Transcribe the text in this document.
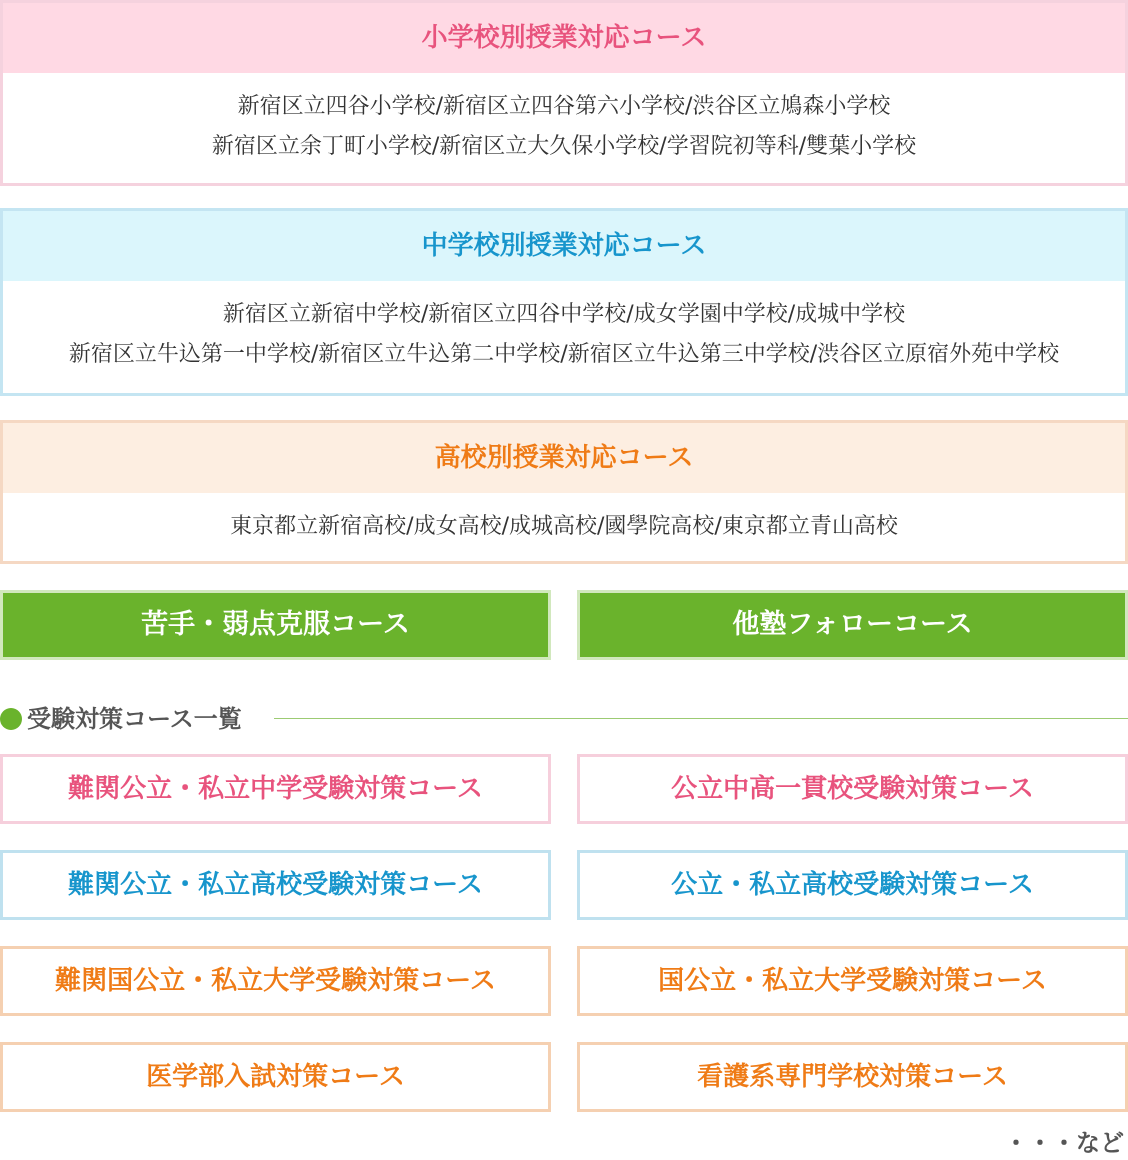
小学校別授業対応コース
新宿区立四谷小学校/新宿区立四谷第六小学校/渋谷区立鳩森小学校
新宿区立余丁町小学校/新宿区立大久保小学校/学習院初等科/雙葉小学校
中学校別授業対応コース
新宿区立新宿中学校/新宿区立四谷中学校/成女学園中学校/成城中学校
新宿区立牛込第一中学校/新宿区立牛込第二中学校/新宿区立牛込第三中学校/渋谷区立原宿外苑中学校
高校別授業対応コース
東京都立新宿高校/成女高校/成城高校/國學院高校/東京都立青山高校
苦手・弱点克服コース	他塾フォローコース
受験対策コース一覧
難関公立・私立中学受験対策コース	公立中高一貫校受験対策コース
難関公立・私立高校受験対策コース	公立・私立高校受験対策コース
難関国公立・私立大学受験対策コース	国公立・私立大学受験対策コース
医学部入試対策コース	看護系専門学校対策コース
・・・など
